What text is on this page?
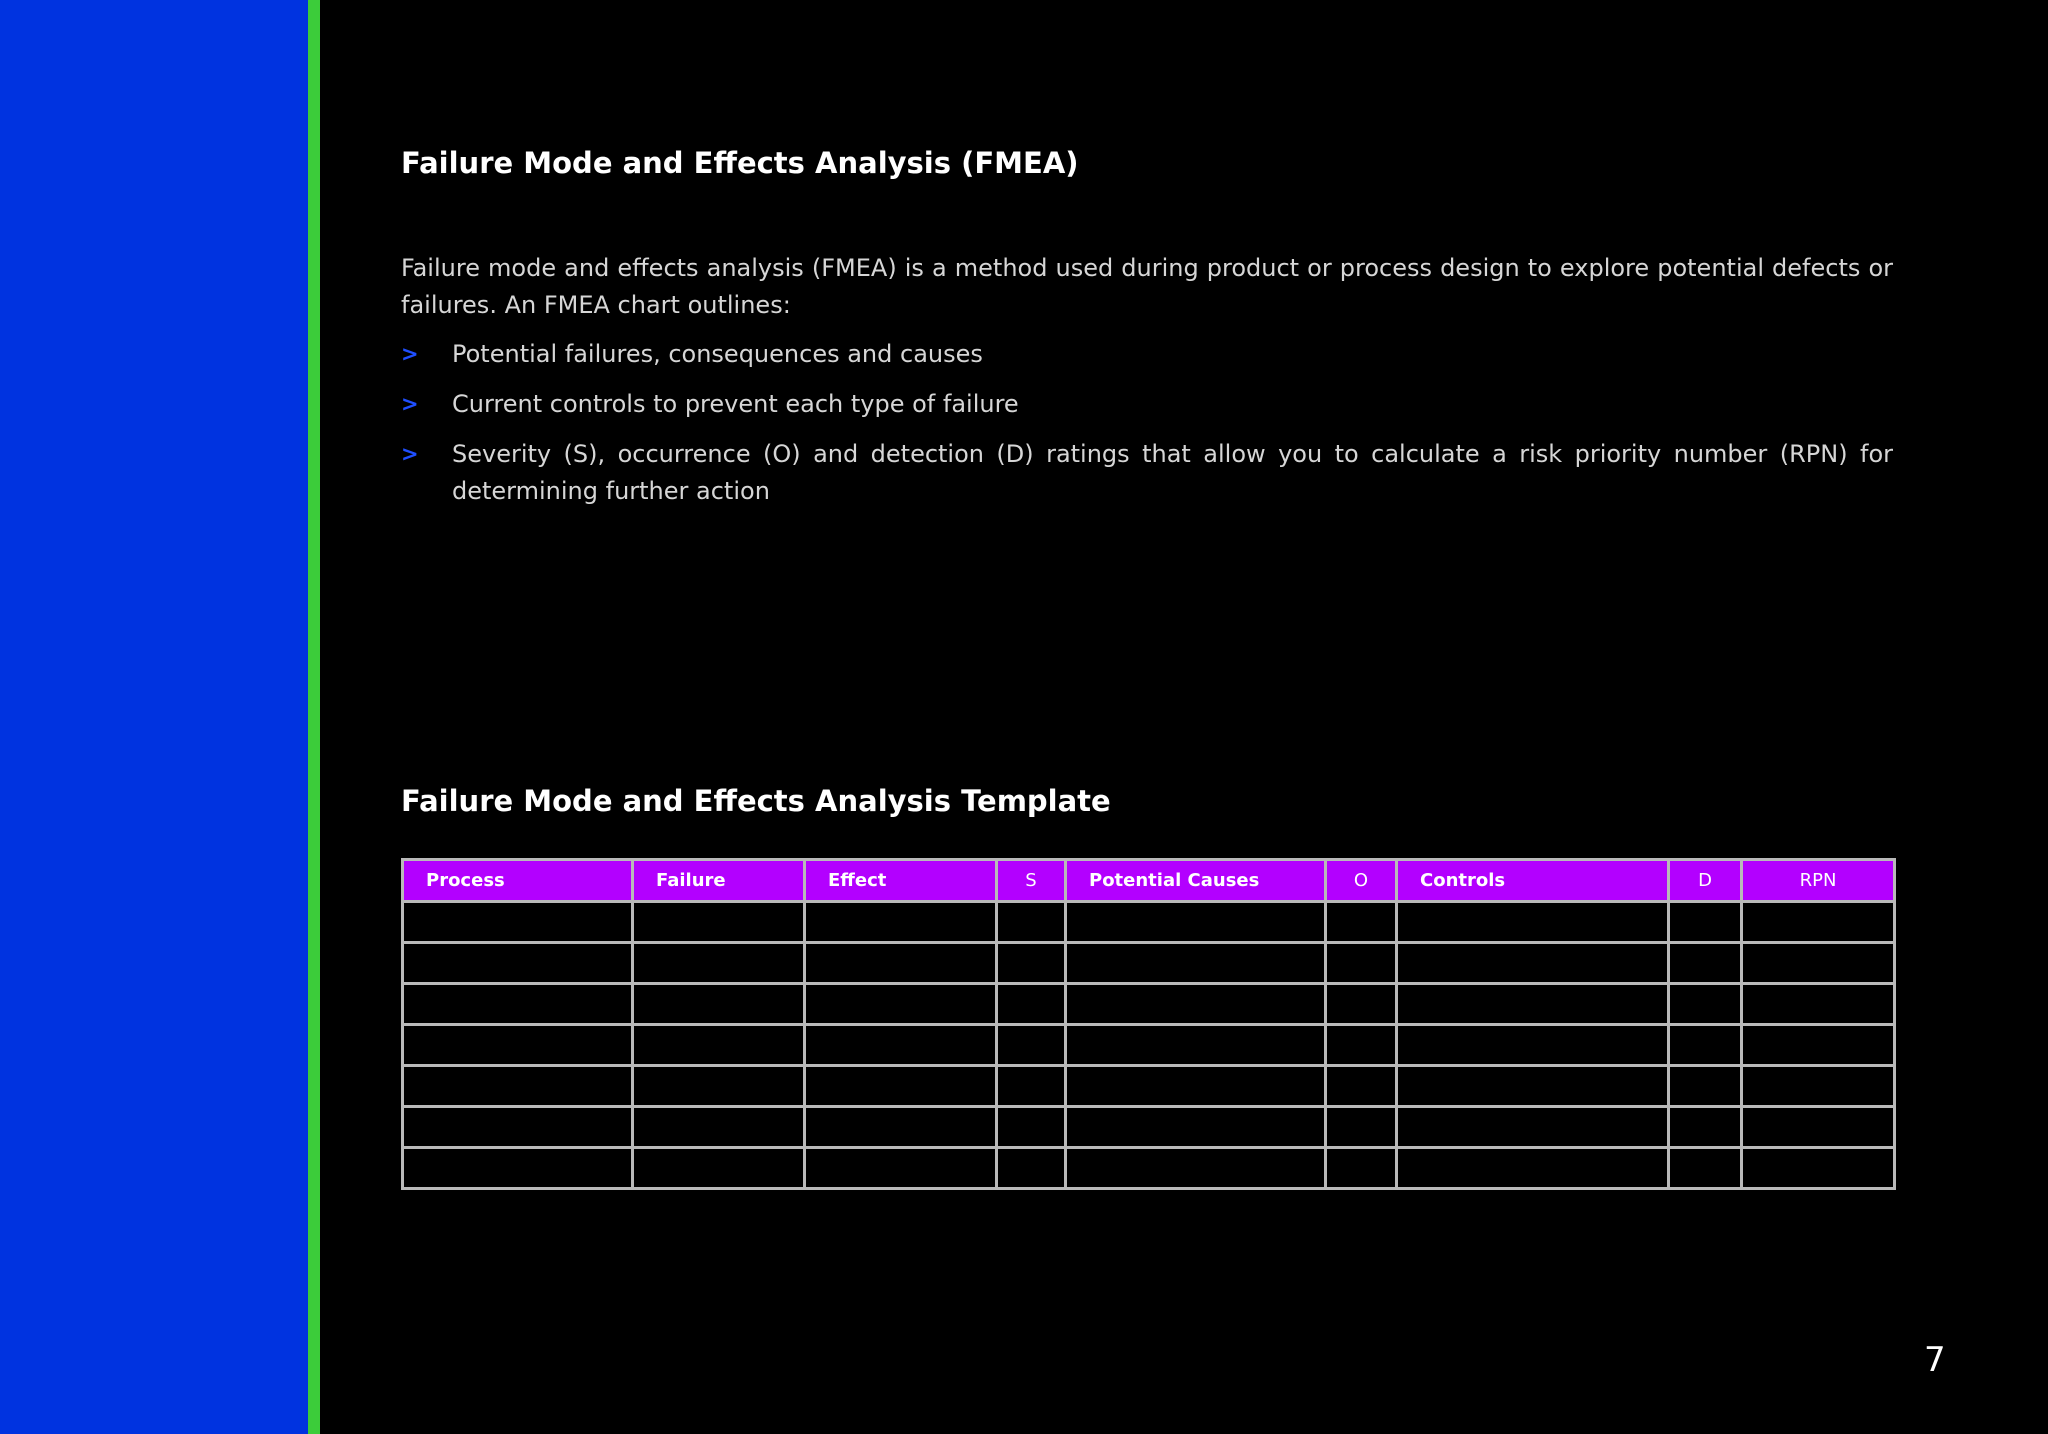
Failure Mode and Effects Analysis (FMEA)
Failure mode and effects analysis (FMEA) is a method used during product or process design to explore potential defects or failures. An FMEA chart outlines:
> Potential failures, consequences and causes
> Current controls to prevent each type of failure
> Severity (S), occurrence (O) and detection (D) ratings that allow you to calculate a risk priority number (RPN) for determining further action
Failure Mode and Effects Analysis Template
Process	Failure	Effect	S	Potential Causes	O	Controls	D	RPN

7
